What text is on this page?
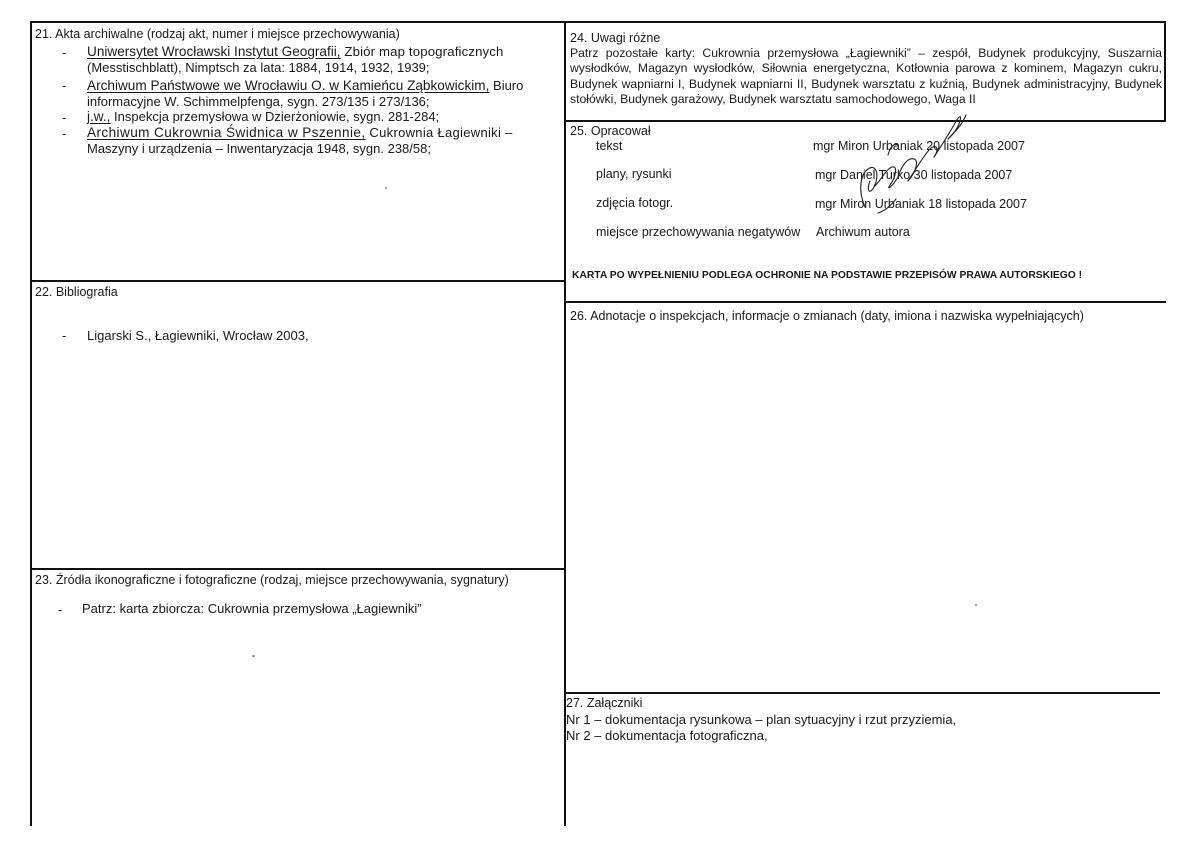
21. Akta archiwalne (rodzaj akt, numer i miejsce przechowywania)
- Uniwersytet Wrocławski Instytut Geografii, Zbiór map topograficznych
(Messtischblatt), Nimptsch za lata: 1884, 1914, 1932, 1939;
- Archiwum Państwowe we Wrocławiu O. w Kamieńcu Ząbkowickim, Biuro
informacyjne W. Schimmelpfenga, sygn. 273/135 i 273/136;
- j.w., Inspekcja przemysłowa w Dzierżoniowie, sygn. 281-284;
- Archiwum Cukrownia Świdnica w Pszennie, Cukrownia Łagiewniki –
Maszyny i urządzenia – Inwentaryzacja 1948, sygn. 238/58;
22. Bibliografia
- Ligarski S., Łagiewniki, Wrocław 2003,
23. Źródła ikonograficzne i fotograficzne (rodzaj, miejsce przechowywania, sygnatury)
- Patrz: karta zbiorcza: Cukrownia przemysłowa „Łagiewniki”
24. Uwagi różne
Patrz pozostałe karty: Cukrownia przemysłowa „Łagiewniki” – zespół, Budynek produkcyjny, Suszarnia wysłodków, Magazyn wysłodków, Siłownia energetyczna, Kotłownia parowa z kominem, Magazyn cukru, Budynek wapniarni I, Budynek wapniarni II, Budynek warsztatu z kuźnią, Budynek administracyjny, Budynek stołówki, Budynek garażowy, Budynek warsztatu samochodowego, Waga II
25. Opracował
tekst	mgr Miron Urbaniak 20 listopada 2007
plany, rysunki	mgr Daniel Turko 30 listopada 2007
zdjęcia fotogr.	mgr Miron Urbaniak 18 listopada 2007
miejsce przechowywania negatywów Archiwum autora
KARTA PO WYPEŁNIENIU PODLEGA OCHRONIE NA PODSTAWIE PRZEPISÓW PRAWA AUTORSKIEGO !
26. Adnotacje o inspekcjach, informacje o zmianach (daty, imiona i nazwiska wypełniających)
27. Załączniki
Nr 1 – dokumentacja rysunkowa – plan sytuacyjny i rzut przyziemia,
Nr 2 – dokumentacja fotograficzna,
